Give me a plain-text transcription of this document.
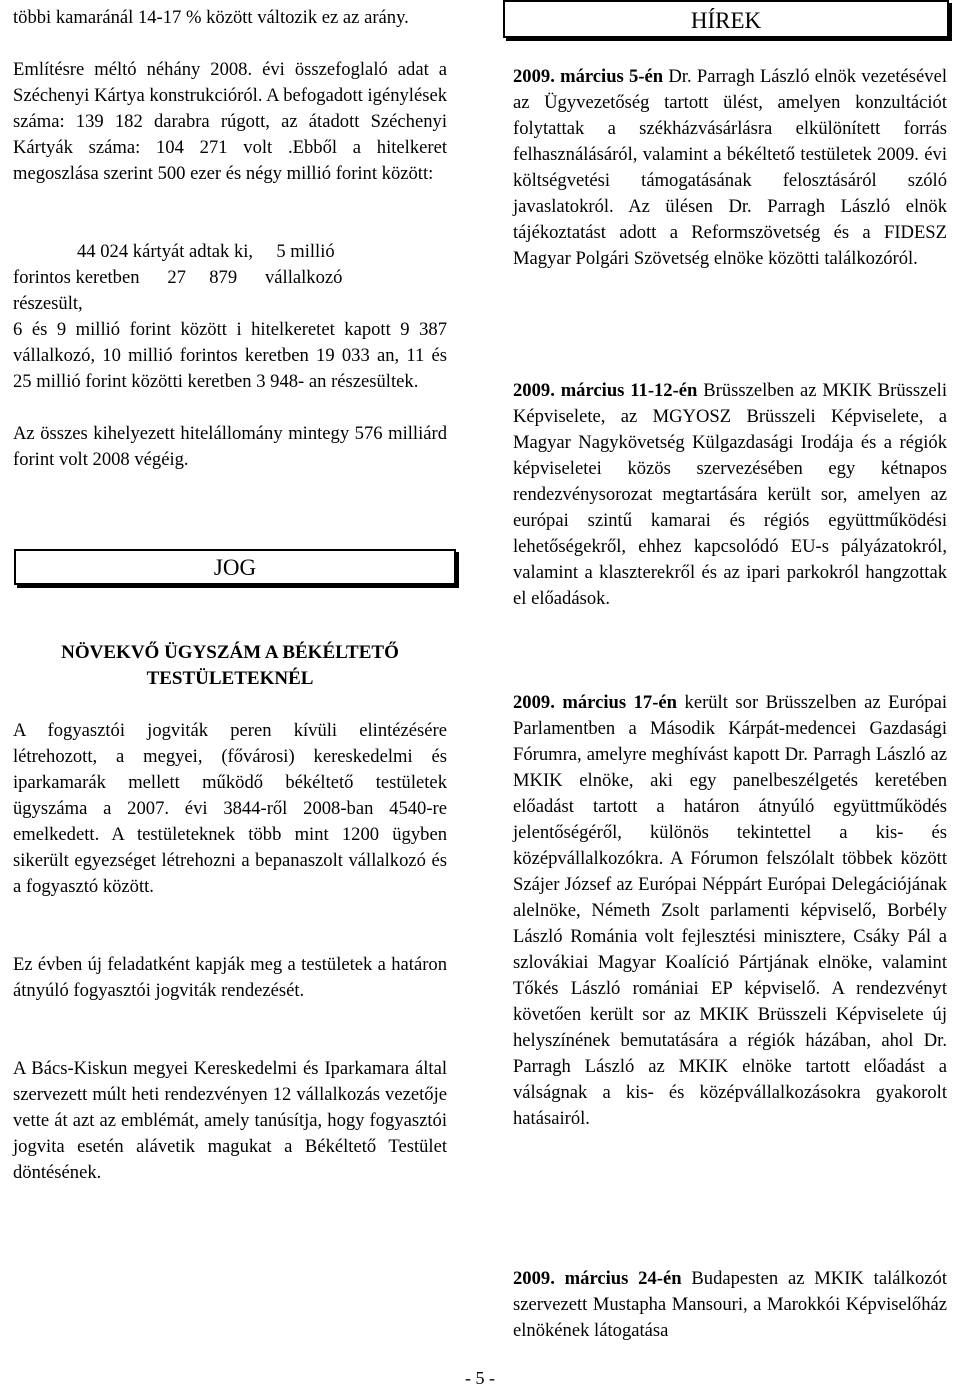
többi kamaránál 14-17 % között változik ez az arány.

Említésre méltó néhány 2008. évi összefoglaló adat a Széchenyi Kártya konstrukcióról. A befogadott igénylések száma: 139 182 darabra rúgott, az átadott Széchenyi Kártyák száma: 104 271 volt .Ebből a hitelkeret megoszlása szerint 500 ezer és négy millió forint között:

44 024 kártyát adtak ki,     5 millió

forintos keretben      27     879      vállalkozó

részesült,

6 és 9 millió forint között i hitelkeretet kapott 9 387 vállalkozó, 10 millió forintos keretben 19 033 an, 11 és 25 millió forint közötti keretben 3 948- an részesültek.

Az összes kihelyezett hitelállomány mintegy 576 milliárd forint volt 2008 végéig.

JOG

NÖVEKVŐ ÜGYSZÁM A BÉKÉLTETŐ

TESTÜLETEKNÉL

A fogyasztói jogviták peren kívüli elintézésére létrehozott, a megyei, (fővárosi) kereskedelmi és iparkamarák mellett működő békéltető testületek ügyszáma a 2007. évi 3844-ről 2008-ban 4540-re emelkedett. A testületeknek több mint 1200 ügyben sikerült egyezséget létrehozni a bepanaszolt vállalkozó és a fogyasztó között.

Ez évben új feladatként kapják meg a testületek a határon átnyúló fogyasztói jogviták rendezését.

A Bács-Kiskun megyei Kereskedelmi és Iparkamara által szervezett múlt heti rendezvényen 12 vállalkozás vezetője vette át azt az emblémát, amely tanúsítja, hogy fogyasztói jogvita esetén alávetik magukat a Békéltető Testület döntésének.

HÍREK

2009. március 5-én Dr. Parragh László elnök vezetésével az Ügyvezetőség tartott ülést, amelyen konzultációt folytattak a székházvásárlásra elkülönített forrás felhasználásáról, valamint a békéltető testületek 2009. évi költségvetési támogatásának felosztásáról szóló javaslatokról. Az ülésen Dr. Parragh László elnök tájékoztatást adott a Reformszövetség és a FIDESZ Magyar Polgári Szövetség elnöke közötti találkozóról.

2009. március 11-12-én Brüsszelben az MKIK Brüsszeli Képviselete, az MGYOSZ Brüsszeli Képviselete, a Magyar Nagykövetség Külgazdasági Irodája és a régiók képviseletei közös szervezésében egy kétnapos rendezvénysorozat megtartására került sor, amelyen az európai szintű kamarai és régiós együttműködési lehetőségekről, ehhez kapcsolódó EU-s pályázatokról, valamint a klaszterekről és az ipari parkokról hangzottak el előadások.

2009. március 17-én került sor Brüsszelben az Európai Parlamentben a Második Kárpát-medencei Gazdasági Fórumra, amelyre meghívást kapott Dr. Parragh László az MKIK elnöke, aki egy panelbeszélgetés keretében előadást tartott a határon átnyúló együttműködés jelentőségéről, különös tekintettel a kis- és középvállalkozókra. A Fórumon felszólalt többek között Szájer József az Európai Néppárt Európai Delegációjának alelnöke, Németh Zsolt parlamenti képviselő, Borbély László Románia volt fejlesztési minisztere, Csáky Pál a szlovákiai Magyar Koalíció Pártjának elnöke, valamint Tőkés László romániai EP képviselő. A rendezvényt követően került sor az MKIK Brüsszeli Képviselete új helyszínének bemutatására a régiók házában, ahol Dr. Parragh László az MKIK elnöke tartott előadást a válságnak a kis- és középvállalkozásokra gyakorolt hatásairól.

2009. március 24-én Budapesten az MKIK találkozót szervezett Mustapha Mansouri, a Marokkói Képviselőház elnökének látogatása

- 5 -
